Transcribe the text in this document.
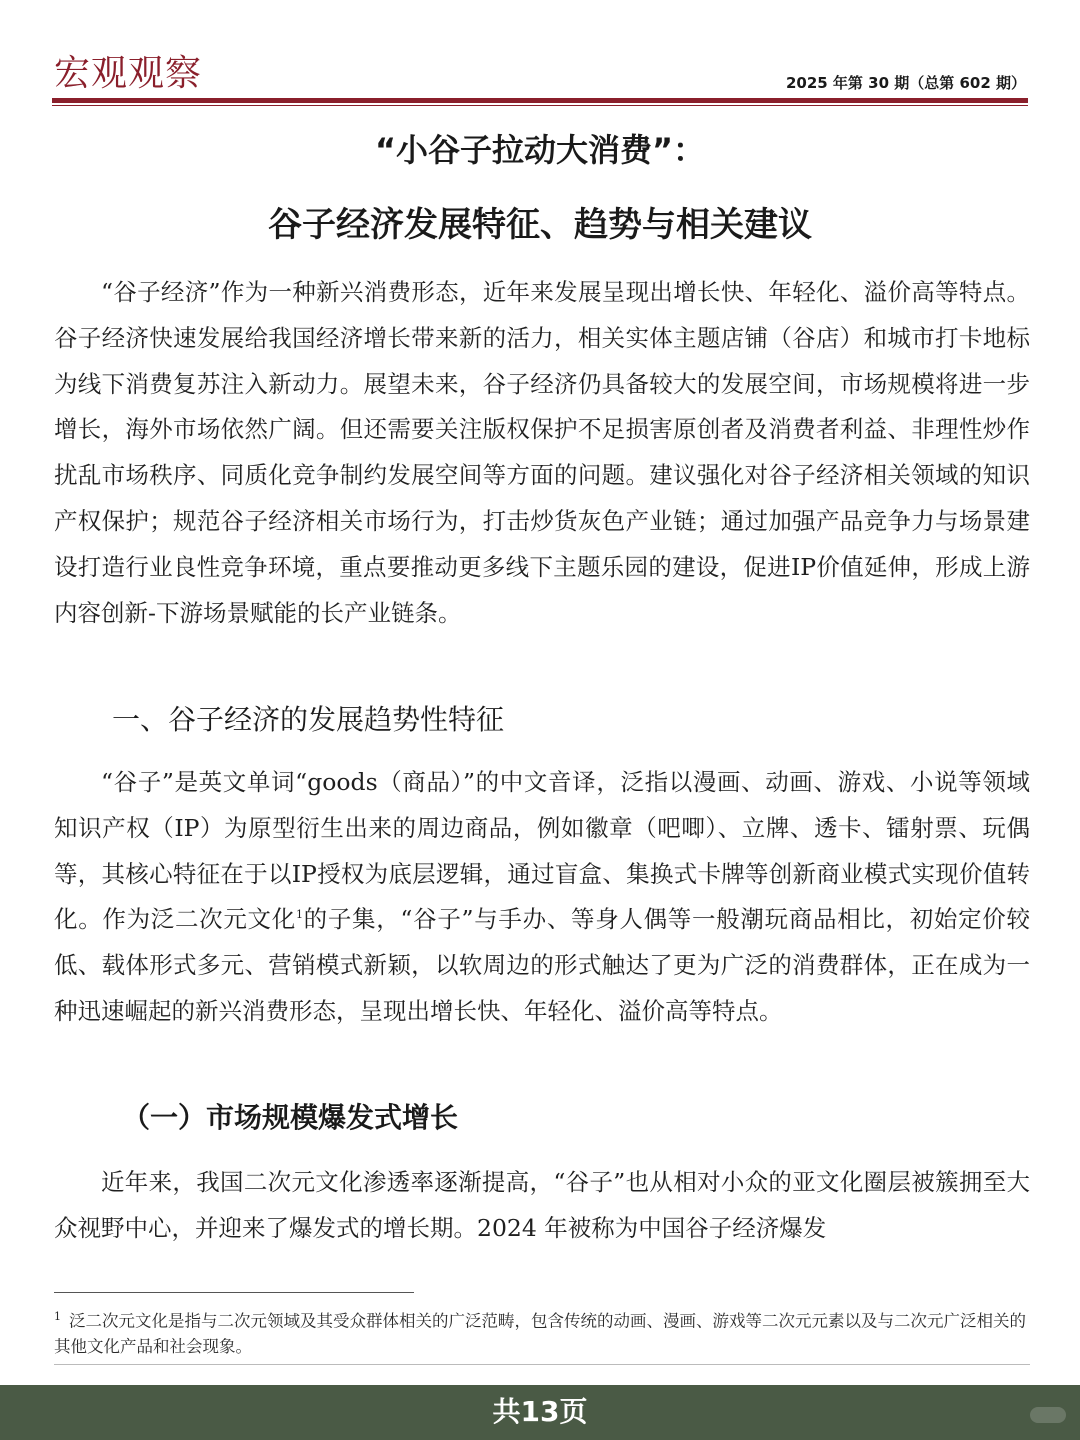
宏观观察	2025 年第 30 期（总第 602 期）
“小谷子拉动大消费”：
谷子经济发展特征、趋势与相关建议

“谷子经济”作为一种新兴消费形态，近年来发展呈现出增长快、年轻化、溢价高等特点。谷子经济快速发展给我国经济增长带来新的活力，相关实体主题店铺（谷店）和城市打卡地标为线下消费复苏注入新动力。展望未来，谷子经济仍具备较大的发展空间，市场规模将进一步增长，海外市场依然广阔。但还需要关注版权保护不足损害原创者及消费者利益、非理性炒作扰乱市场秩序、同质化竞争制约发展空间等方面的问题。建议强化对谷子经济相关领域的知识产权保护；规范谷子经济相关市场行为，打击炒货灰色产业链；通过加强产品竞争力与场景建设打造行业良性竞争环境，重点要推动更多线下主题乐园的建设，促进IP价值延伸，形成上游内容创新-下游场景赋能的长产业链条。

一、谷子经济的发展趋势性特征

“谷子”是英文单词“goods（商品）”的中文音译，泛指以漫画、动画、游戏、小说等领域知识产权（IP）为原型衍生出来的周边商品，例如徽章（吧唧）、立牌、透卡、镭射票、玩偶等，其核心特征在于以IP授权为底层逻辑，通过盲盒、集换式卡牌等创新商业模式实现价值转化。作为泛二次元文化$^1$的子集，“谷子”与手办、等身人偶等一般潮玩商品相比，初始定价较低、载体形式多元、营销模式新颖，以软周边的形式触达了更为广泛的消费群体，正在成为一种迅速崛起的新兴消费形态，呈现出增长快、年轻化、溢价高等特点。

（一）市场规模爆发式增长

近年来，我国二次元文化渗透率逐渐提高，“谷子”也从相对小众的亚文化圈层被簇拥至大众视野中心，并迎来了爆发式的增长期。2024 年被称为中国谷子经济爆发

$^1$ 泛二次元文化是指与二次元领域及其受众群体相关的广泛范畴，包含传统的动画、漫画、游戏等二次元元素以及与二次元广泛相关的其他文化产品和社会现象。

共13页
